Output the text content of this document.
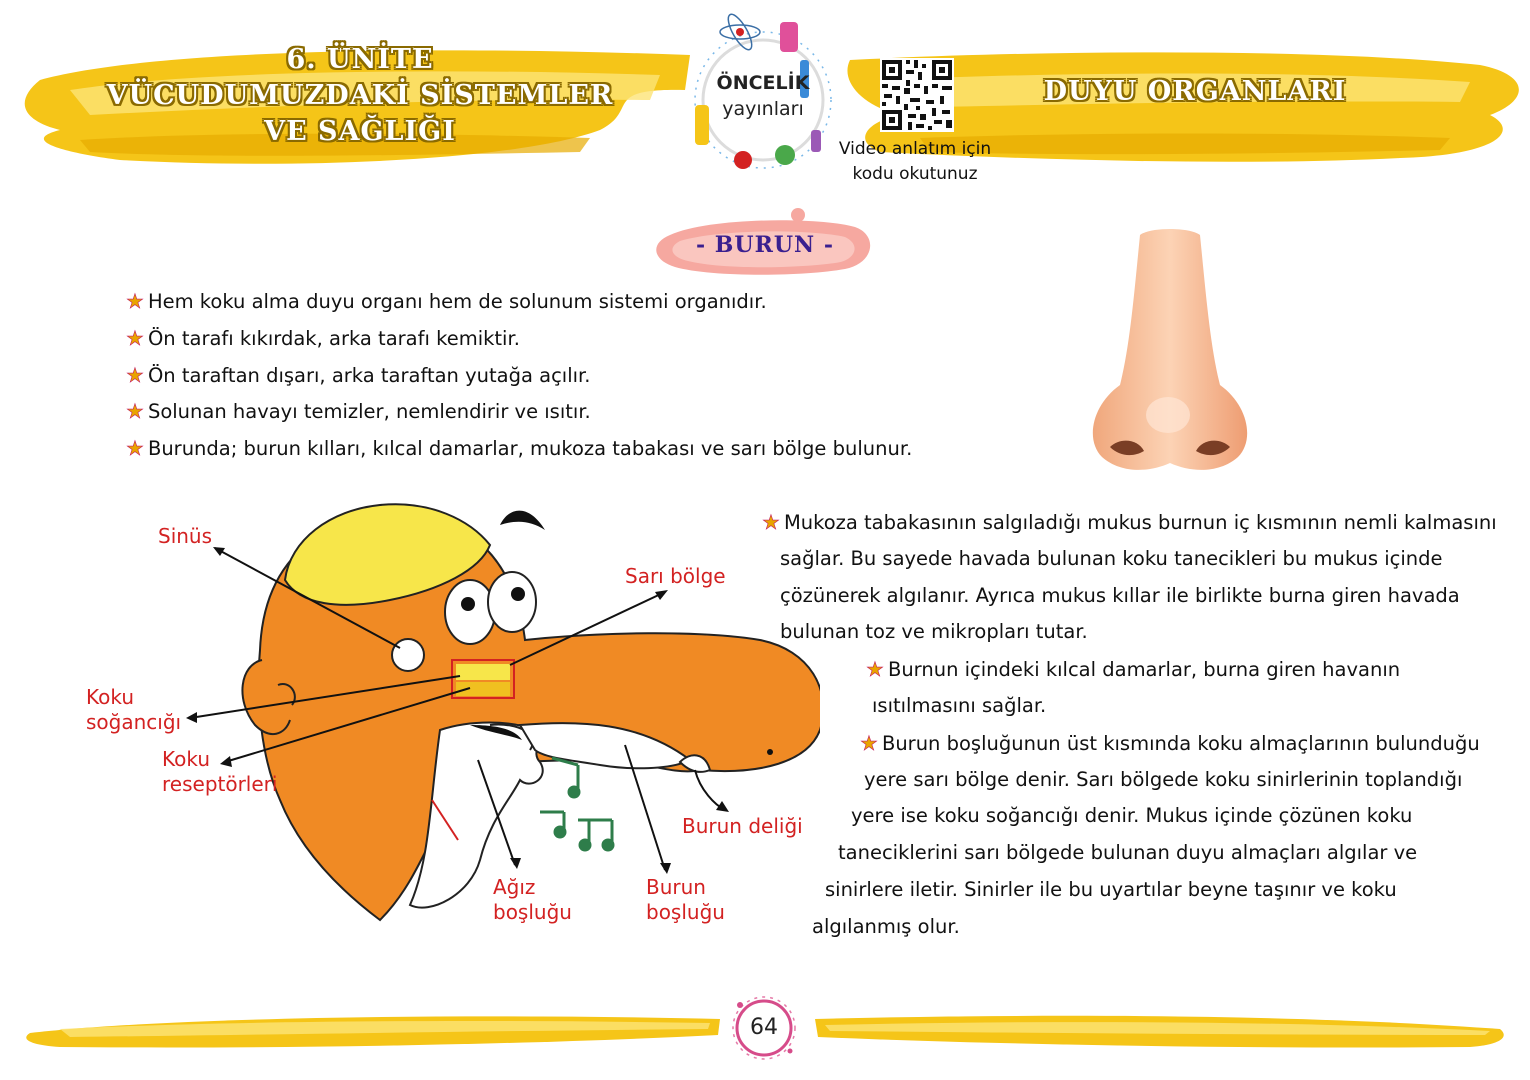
6. ÜNİTE
VÜCUDUMUZDAKİ SİSTEMLER
VE SAĞLIĞI
DUYU ORGANLARI
ÖNCELİK
yayınları
Video anlatım için
kodu okutunuz
- BURUN -
★ Hem koku alma duyu organı hem de solunum sistemi organıdır.
★ Ön tarafı kıkırdak, arka tarafı kemiktir.
★ Ön taraftan dışarı, arka taraftan yutağa açılır.
★ Solunan havayı temizler, nemlendirir ve ısıtır.
★ Burunda; burun kılları, kılcal damarlar, mukoza tabakası ve sarı bölge bulunur.
Sinüs
Sarı bölge
Koku
soğancığı
Koku
reseptörleri
Burun deliği
Ağız
boşluğu
Burun
boşluğu
★ Mukoza tabakasının salgıladığı mukus burnun iç kısmının nemli kalmasını
sağlar. Bu sayede havada bulunan koku tanecikleri bu mukus içinde
çözünerek algılanır. Ayrıca mukus kıllar ile birlikte burna giren havada
bulunan toz ve mikropları tutar.
★ Burnun içindeki kılcal damarlar, burna giren havanın
ısıtılmasını sağlar.
★ Burun boşluğunun üst kısmında koku almaçlarının bulunduğu
yere sarı bölge denir. Sarı bölgede koku sinirlerinin toplandığı
yere ise koku soğancığı denir. Mukus içinde çözünen koku
taneciklerini sarı bölgede bulunan duyu almaçları algılar ve
sinirlere iletir. Sinirler ile bu uyartılar beyne taşınır ve koku
algılanmış olur.
64
